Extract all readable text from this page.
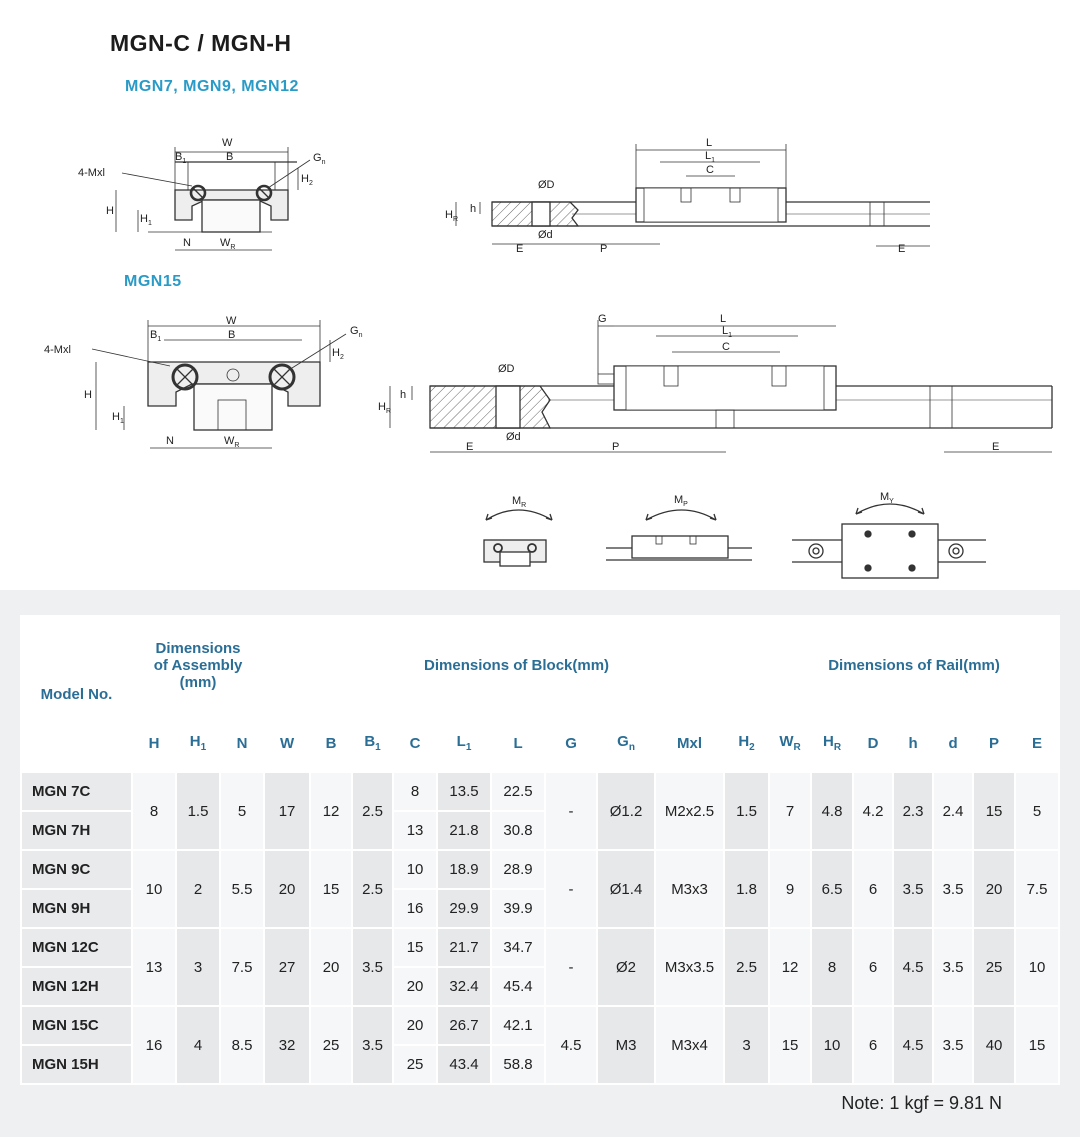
MGN-C / MGN-H
MGN7, MGN9, MGN12
MGN15
W
B
$B_1$	$G_n$
4-Mxl
H
$H_1$
$H_2$
N	$W_R$
L
$L_1$
C
ØD
$H_R$
h
Ød
E	P	E
W
B
$B_1$
$G_n$
4-Mxl
H
$H_1$
$H_2$
N	$W_R$
L
$L_1$
C
G
ØD
$H_R$
h
Ød
E	P	E
$M_R$	$M_P$
$M_Y$
Model No.	Dimensions
of Assembly
(mm)			Dimensions of Block(mm)										Dimensions of Rail(mm)						
	H	$H_1$	N	W	B	$B_1$	C	$L_1$	L	G	$G_n$	Mxl	$H_2$	$W_R$	$H_R$	D	h	d	P	E
MGN 7C	8	1.5	5	17	12	2.5	8	13.5	22.5	-	Ø1.2	M2x2.5	1.5	7	4.8	4.2	2.3	2.4	15	5
MGN 7H							13	21.8	30.8											
MGN 9C	10	2	5.5	20	15	2.5	10	18.9	28.9	-	Ø1.4	M3x3	1.8	9	6.5	6	3.5	3.5	20	7.5
MGN 9H							16	29.9	39.9											
MGN 12C	13	3	7.5	27	20	3.5	15	21.7	34.7	-	Ø2	M3x3.5	2.5	12	8	6	4.5	3.5	25	10
MGN 12H							20	32.4	45.4											
MGN 15C	16	4	8.5	32	25	3.5	20	26.7	42.1	4.5	M3	M3x4	3	15	10	6	4.5	3.5	40	15
MGN 15H							25	43.4	58.8											
Note: 1 kgf = 9.81 N
